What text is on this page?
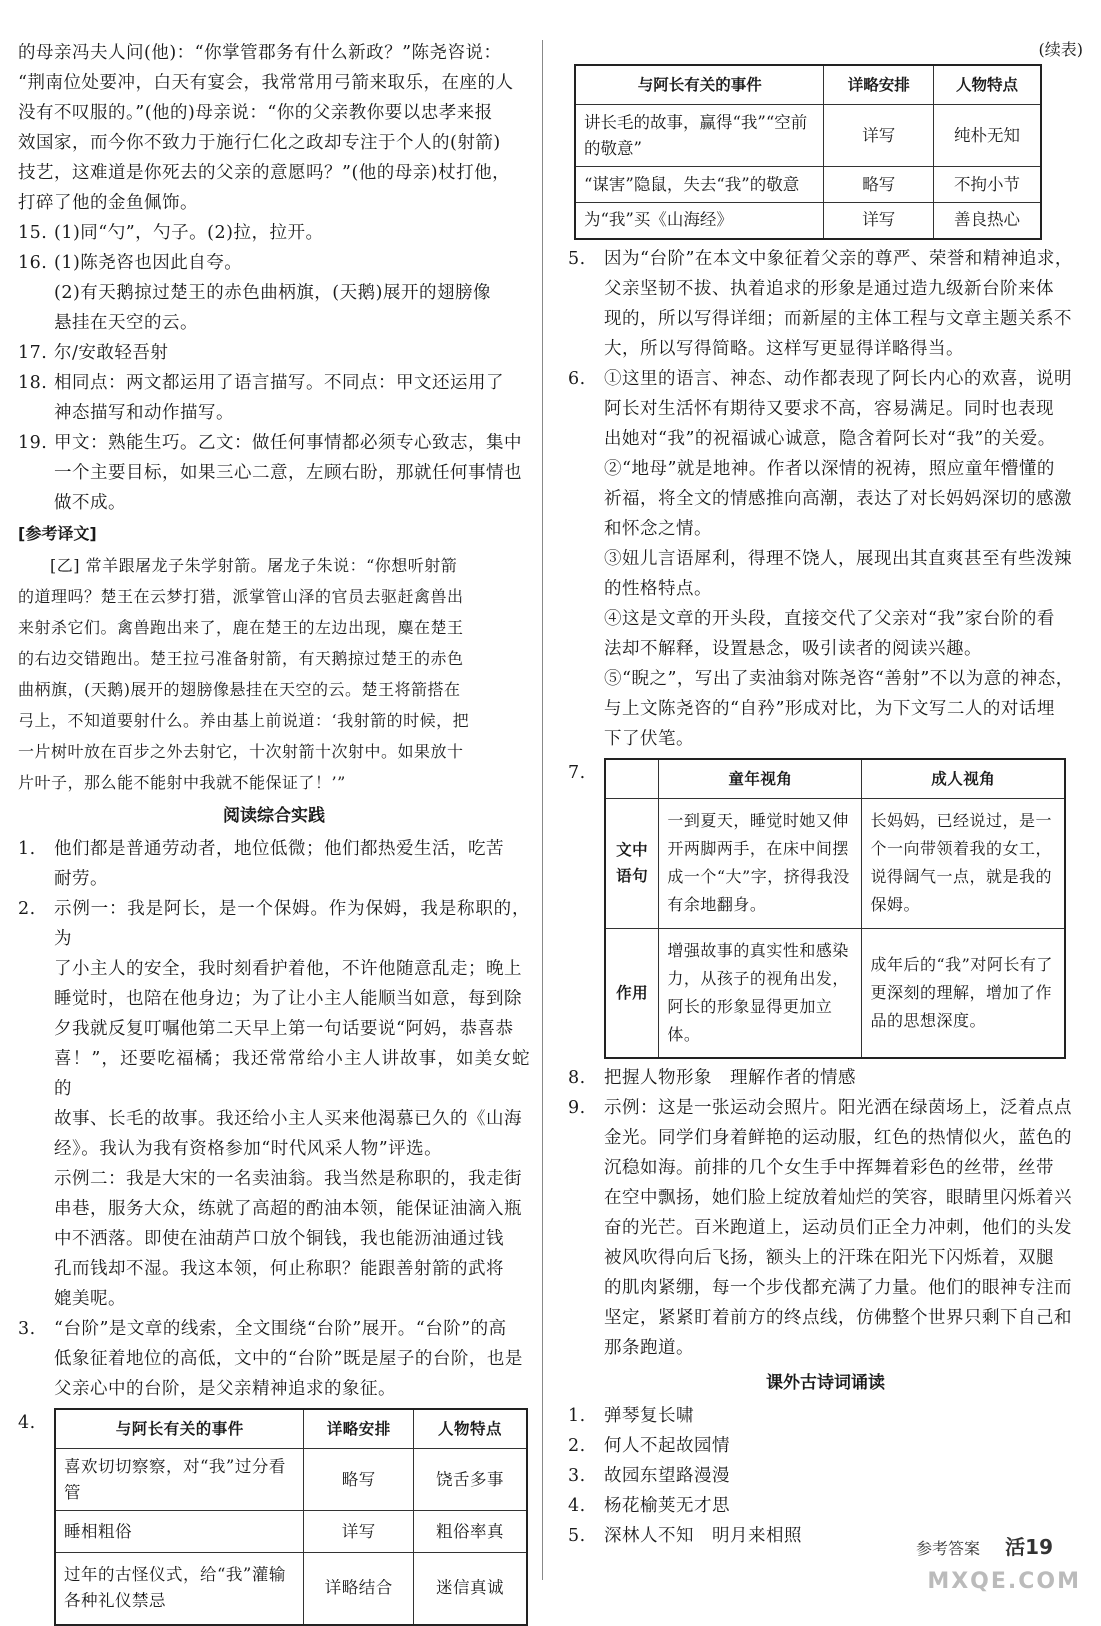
的母亲冯夫人问(他)：“你掌管郡务有什么新政？”陈尧咨说：

“荆南位处要冲，白天有宴会，我常常用弓箭来取乐，在座的人

没有不叹服的。”(他的)母亲说：“你的父亲教你要以忠孝来报

效国家，而今你不致力于施行仁化之政却专注于个人的(射箭)

技艺，这难道是你死去的父亲的意愿吗？”(他的母亲)杖打他，

打碎了他的金鱼佩饰。

15. (1)同“勺”，勺子。(2)拉，拉开。

16. (1)陈尧咨也因此自夸。

(2)有天鹅掠过楚王的赤色曲柄旗，(天鹅)展开的翅膀像

悬挂在天空的云。

17. 尔/安敢轻吾射

18. 相同点：两文都运用了语言描写。不同点：甲文还运用了

神态描写和动作描写。

19. 甲文：熟能生巧。乙文：做任何事情都必须专心致志，集中

一个主要目标，如果三心二意，左顾右盼，那就任何事情也

做不成。

[参考译文]

[乙] 常羊跟屠龙子朱学射箭。屠龙子朱说：“你想听射箭

的道理吗？楚王在云梦打猎，派掌管山泽的官员去驱赶禽兽出

来射杀它们。禽兽跑出来了，鹿在楚王的左边出现，麋在楚王

的右边交错跑出。楚王拉弓准备射箭，有天鹅掠过楚王的赤色

曲柄旗，(天鹅)展开的翅膀像悬挂在天空的云。楚王将箭搭在

弓上，不知道要射什么。养由基上前说道：‘我射箭的时候，把

一片树叶放在百步之外去射它，十次射箭十次射中。如果放十

片叶子，那么能不能射中我就不能保证了！’”

阅读综合实践
1.	他们都是普通劳动者，地位低微；他们都热爱生活，吃苦

耐劳。

2.	示例一：我是阿长，是一个保姆。作为保姆，我是称职的，为

了小主人的安全，我时刻看护着他，不许他随意乱走；晚上

睡觉时，也陪在他身边；为了让小主人能顺当如意，每到除

夕我就反复叮嘱他第二天早上第一句话要说“阿妈，恭喜恭

喜！”，还要吃福橘；我还常常给小主人讲故事，如美女蛇的

故事、长毛的故事。我还给小主人买来他渴慕已久的《山海

经》。我认为我有资格参加“时代风采人物”评选。

示例二：我是大宋的一名卖油翁。我当然是称职的，我走街

串巷，服务大众，练就了高超的酌油本领，能保证油滴入瓶

中不洒落。即使在油葫芦口放个铜钱，我也能沥油通过钱

孔而钱却不湿。我这本领，何止称职？能跟善射箭的武将

媲美呢。

3.	“台阶”是文章的线索，全文围绕“台阶”展开。“台阶”的高

低象征着地位的高低，文中的“台阶”既是屋子的台阶，也是

父亲心中的台阶，是父亲精神追求的象征。

4.	与阿长有关的事件	详略安排	人物特点
喜欢切切察察，对“我”过分看管	略写	饶舌多事
睡相粗俗	详写	粗俗率真
过年的古怪仪式，给“我”灌输各种礼仪禁忌	详略结合	迷信真诚
(续表)
与阿长有关的事件	详略安排	人物特点
讲长毛的故事，赢得“我”“空前的敬意”	详写	纯朴无知
“谋害”隐鼠，失去“我”的敬意	略写	不拘小节
为“我”买《山海经》	详写	善良热心
5.	因为“台阶”在本文中象征着父亲的尊严、荣誉和精神追求，

父亲坚韧不拔、执着追求的形象是通过造九级新台阶来体

现的，所以写得详细；而新屋的主体工程与文章主题关系不

大，所以写得简略。这样写更显得详略得当。

6.	①这里的语言、神态、动作都表现了阿长内心的欢喜，说明

阿长对生活怀有期待又要求不高，容易满足。同时也表现

出她对“我”的祝福诚心诚意，隐含着阿长对“我”的关爱。

②“地母”就是地神。作者以深情的祝祷，照应童年懵懂的

祈福，将全文的情感推向高潮，表达了对长妈妈深切的感激

和怀念之情。

③妞儿言语犀利，得理不饶人，展现出其直爽甚至有些泼辣

的性格特点。

④这是文章的开头段，直接交代了父亲对“我”家台阶的看

法却不解释，设置悬念，吸引读者的阅读兴趣。

⑤“睨之”，写出了卖油翁对陈尧咨“善射”不以为意的神态，

与上文陈尧咨的“自矜”形成对比，为下文写二人的对话埋

下了伏笔。

7.
		童年视角	成人视角
文中语句	一到夏天，睡觉时她又伸开两脚两手，在床中间摆成一个“大”字，挤得我没有余地翻身。	长妈妈，已经说过，是一个一向带领着我的女工，说得阔气一点，就是我的保姆。
作用	增强故事的真实性和感染力，从孩子的视角出发，阿长的形象显得更加立体。	成年后的“我”对阿长有了更深刻的理解，增加了作品的思想深度。
8.	把握人物形象　理解作者的情感

9.	示例：这是一张运动会照片。阳光洒在绿茵场上，泛着点点

金光。同学们身着鲜艳的运动服，红色的热情似火，蓝色的

沉稳如海。前排的几个女生手中挥舞着彩色的丝带，丝带

在空中飘扬，她们脸上绽放着灿烂的笑容，眼睛里闪烁着兴

奋的光芒。百米跑道上，运动员们正全力冲刺，他们的头发

被风吹得向后飞扬，额头上的汗珠在阳光下闪烁着，双腿

的肌肉紧绷，每一个步伐都充满了力量。他们的眼神专注而

坚定，紧紧盯着前方的终点线，仿佛整个世界只剩下自己和

那条跑道。

课外古诗词诵读
1.	弹琴复长啸

2.	何人不起故园情

3.	故园东望路漫漫

4.	杨花榆荚无才思

5.	深林人不知　明月来相照

参考答案 活19
MXQE.COM
